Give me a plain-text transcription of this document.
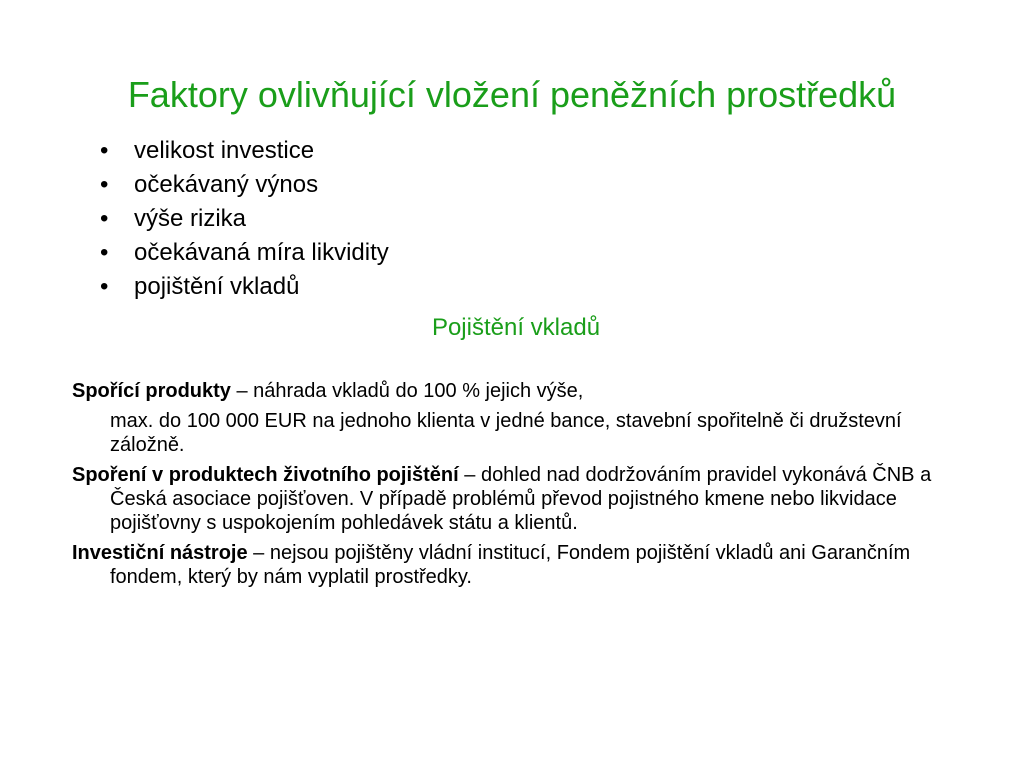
Faktory ovlivňující vložení peněžních prostředků
• velikost investice
• očekávaný výnos
• výše rizika
• očekávaná míra likvidity
• pojištění vkladů
Pojištění vkladů

Spořící produkty – náhrada vkladů do 100 % jejich výše,

max. do 100 000 EUR na jednoho klienta v jedné bance, stavební spořitelně či družstevní záložně.

Spoření v produktech životního pojištění – dohled nad dodržováním pravidel vykonává ČNB a Česká asociace pojišťoven. V případě problémů převod pojistného kmene nebo likvidace pojišťovny s uspokojením pohledávek státu a klientů.

Investiční nástroje – nejsou pojištěny vládní institucí, Fondem pojištění vkladů ani Garančním fondem, který by nám vyplatil prostředky.
